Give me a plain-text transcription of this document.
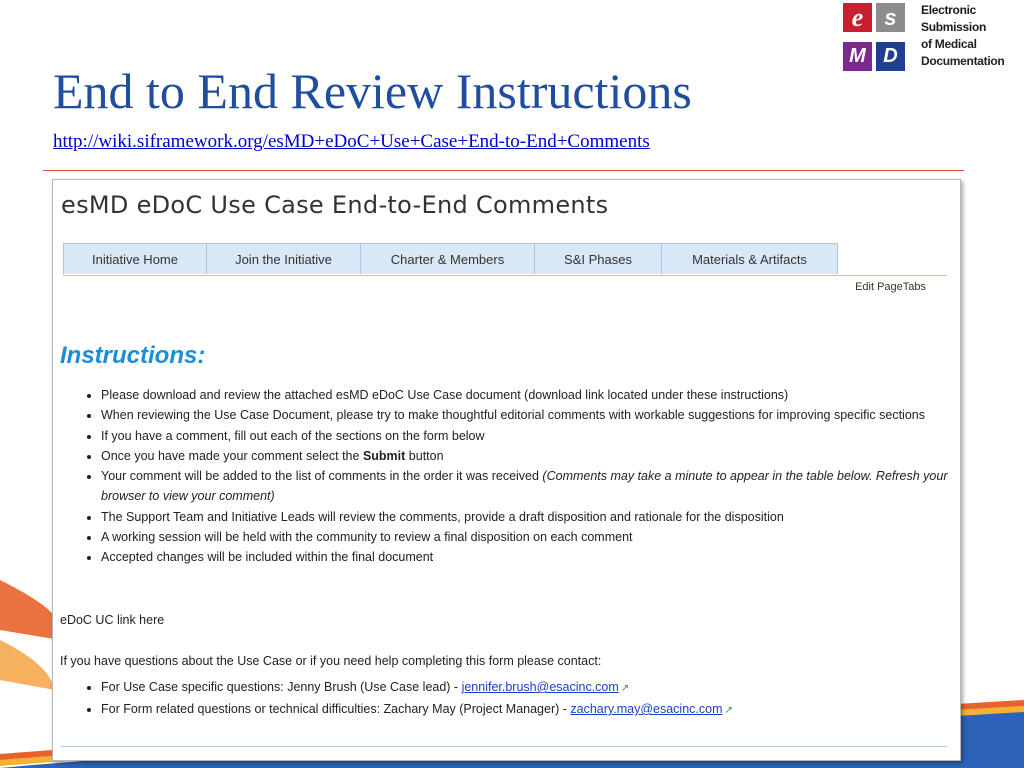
End to End Review Instructions
http://wiki.siframework.org/esMD+eDoC+Use+Case+End-to-End+Comments
e s
M D
Electronic
Submission
of Medical
Documentation
esMD eDoC Use Case End-to-End Comments
Initiative Home	Join the Initiative	Charter & Members	S&I Phases	Materials & Artifacts
Edit PageTabs
Instructions:
• Please download and review the attached esMD eDoC Use Case document (download link located under these instructions)
• When reviewing the Use Case Document, please try to make thoughtful editorial comments with workable suggestions for improving specific sections
• If you have a comment, fill out each of the sections on the form below
• Once you have made your comment select the Submit button
• Your comment will be added to the list of comments in the order it was received (Comments may take a minute to appear in the table below. Refresh your browser to view your comment)
• The Support Team and Initiative Leads will review the comments, provide a draft disposition and rationale for the disposition
• A working session will be held with the community to review a final disposition on each comment
• Accepted changes will be included within the final document
eDoC UC link here
If you have questions about the Use Case or if you need help completing this form please contact:
• For Use Case specific questions: Jenny Brush (Use Case lead) - jennifer.brush@esacinc.com ↗
• For Form related questions or technical difficulties: Zachary May (Project Manager) - zachary.may@esacinc.com ↗
